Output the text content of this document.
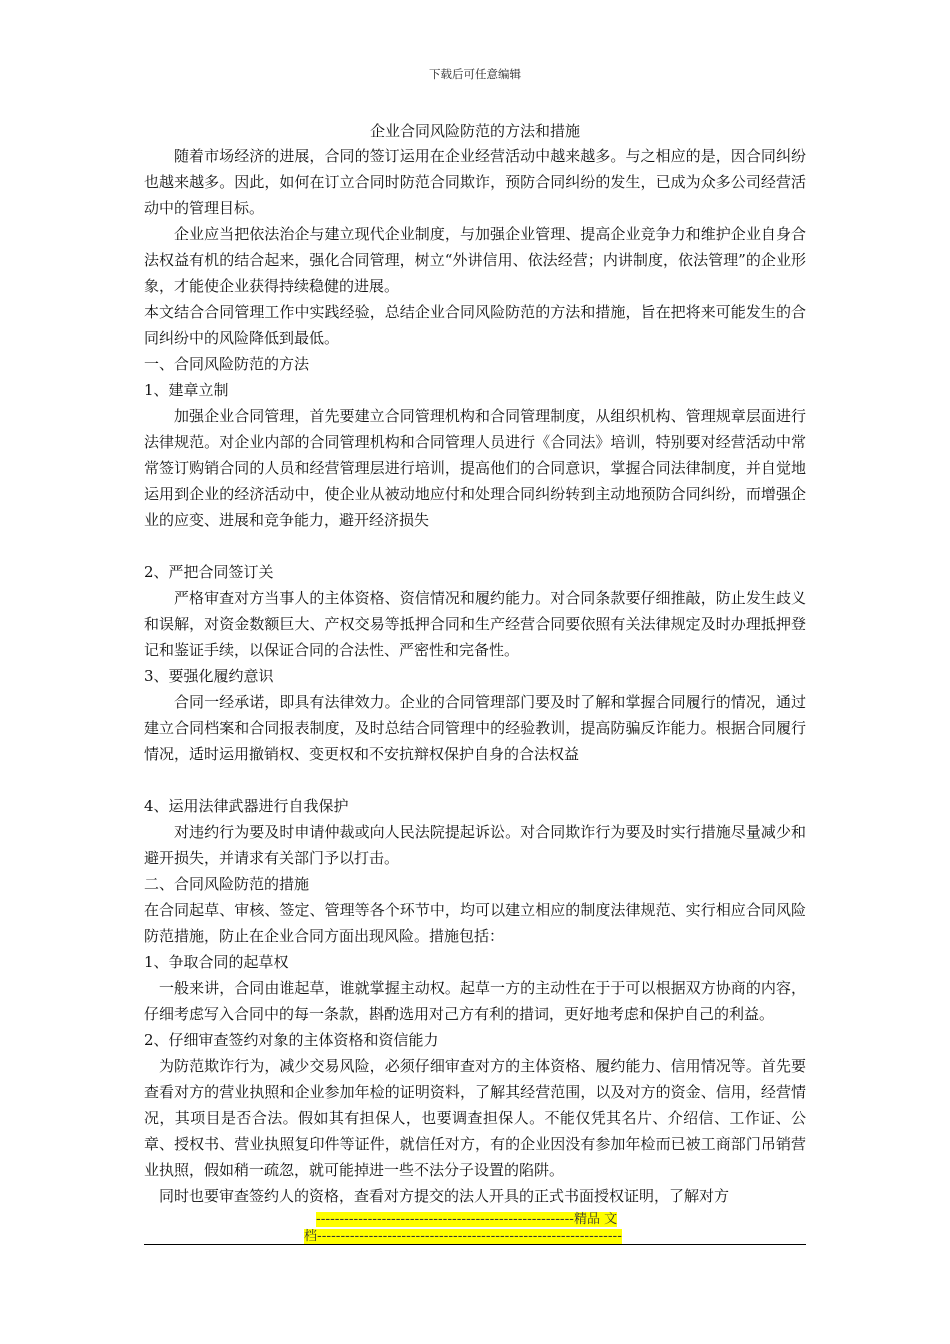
下载后可任意编辑
企业合同风险防范的方法和措施

随着市场经济的进展，合同的签订运用在企业经营活动中越来越多。与之相应的是，因合同纠纷也越来越多。因此，如何在订立合同时防范合同欺诈，预防合同纠纷的发生，已成为众多公司经营活动中的管理目标。

企业应当把依法治企与建立现代企业制度，与加强企业管理、提高企业竞争力和维护企业自身合法权益有机的结合起来，强化合同管理，树立“外讲信用、依法经营；内讲制度，依法管理”的企业形象，才能使企业获得持续稳健的进展。

本文结合合同管理工作中实践经验，总结企业合同风险防范的方法和措施，旨在把将来可能发生的合同纠纷中的风险降低到最低。

一、合同风险防范的方法

1、建章立制

加强企业合同管理，首先要建立合同管理机构和合同管理制度，从组织机构、管理规章层面进行法律规范。对企业内部的合同管理机构和合同管理人员进行《合同法》培训，特别要对经营活动中常常签订购销合同的人员和经营管理层进行培训，提高他们的合同意识，掌握合同法律制度，并自觉地运用到企业的经济活动中，使企业从被动地应付和处理合同纠纷转到主动地预防合同纠纷，而增强企业的应变、进展和竞争能力，避开经济损失

2、严把合同签订关

严格审查对方当事人的主体资格、资信情况和履约能力。对合同条款要仔细推敲，防止发生歧义和误解，对资金数额巨大、产权交易等抵押合同和生产经营合同要依照有关法律规定及时办理抵押登记和鉴证手续，以保证合同的合法性、严密性和完备性。

3、要强化履约意识

合同一经承诺，即具有法律效力。企业的合同管理部门要及时了解和掌握合同履行的情况，通过建立合同档案和合同报表制度，及时总结合同管理中的经验教训，提高防骗反诈能力。根据合同履行情况，适时运用撤销权、变更权和不安抗辩权保护自身的合法权益

4、运用法律武器进行自我保护

对违约行为要及时申请仲裁或向人民法院提起诉讼。对合同欺诈行为要及时实行措施尽量减少和避开损失，并请求有关部门予以打击。

二、合同风险防范的措施

在合同起草、审核、签定、管理等各个环节中，均可以建立相应的制度法律规范、实行相应合同风险防范措施，防止在企业合同方面出现风险。措施包括：

1、争取合同的起草权

一般来讲，合同由谁起草，谁就掌握主动权。起草一方的主动性在于于可以根据双方协商的内容，仔细考虑写入合同中的每一条款，斟酌选用对己方有利的措词，更好地考虑和保护自己的利益。

2、仔细审查签约对象的主体资格和资信能力

为防范欺诈行为，减少交易风险，必须仔细审查对方的主体资格、履约能力、信用情况等。首先要查看对方的营业执照和企业参加年检的证明资料，了解其经营范围，以及对方的资金、信用，经营情况，其项目是否合法。假如其有担保人，也要调查担保人。不能仅凭其名片、介绍信、工作证、公章、授权书、营业执照复印件等证件，就信任对方，有的企业因没有参加年检而已被工商部门吊销营业执照，假如稍一疏忽，就可能掉进一些不法分子设置的陷阱。

同时也要审查签约人的资格，查看对方提交的法人开具的正式书面授权证明，了解对方

-------------------------------------------------------精品 文
档-----------------------------------------------------------------
